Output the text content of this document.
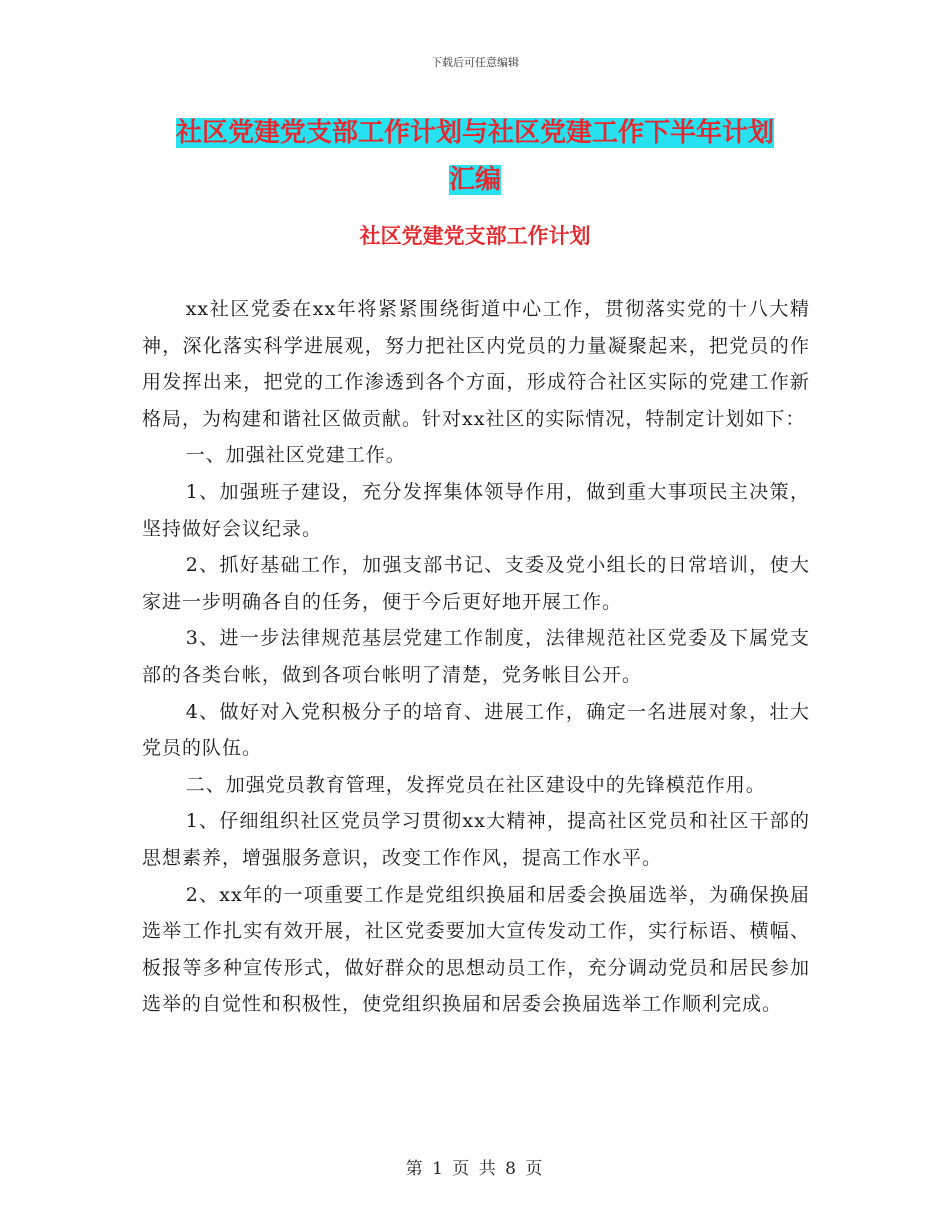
下载后可任意编辑
社区党建党支部工作计划与社区党建工作下半年计划
汇编
社区党建党支部工作计划

xx社区党委在xx年将紧紧围绕街道中心工作，贯彻落实党的十八大精神，深化落实科学进展观，努力把社区内党员的力量凝聚起来，把党员的作用发挥出来，把党的工作渗透到各个方面，形成符合社区实际的党建工作新格局，为构建和谐社区做贡献。针对xx社区的实际情况，特制定计划如下：

一、加强社区党建工作。

1、加强班子建设，充分发挥集体领导作用，做到重大事项民主决策，坚持做好会议纪录。

2、抓好基础工作，加强支部书记、支委及党小组长的日常培训，使大家进一步明确各自的任务，便于今后更好地开展工作。

3、进一步法律规范基层党建工作制度，法律规范社区党委及下属党支部的各类台帐，做到各项台帐明了清楚，党务帐目公开。

4、做好对入党积极分子的培育、进展工作，确定一名进展对象，壮大党员的队伍。

二、加强党员教育管理，发挥党员在社区建设中的先锋模范作用。

1、仔细组织社区党员学习贯彻xx大精神，提高社区党员和社区干部的思想素养，增强服务意识，改变工作作风，提高工作水平。

2、xx年的一项重要工作是党组织换届和居委会换届选举，为确保换届选举工作扎实有效开展，社区党委要加大宣传发动工作，实行标语、横幅、板报等多种宣传形式，做好群众的思想动员工作，充分调动党员和居民参加选举的自觉性和积极性，使党组织换届和居委会换届选举工作顺利完成。

第 1 页 共 8 页
